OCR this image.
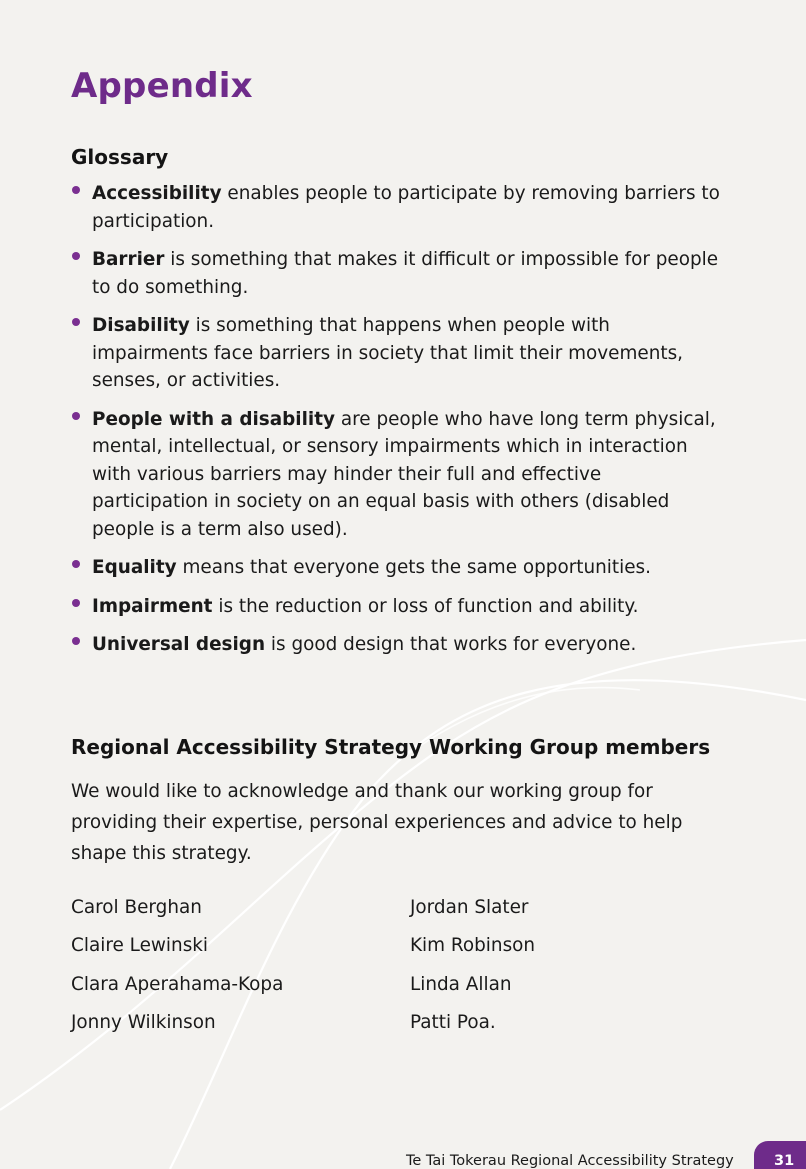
Appendix
Glossary
Accessibility enables people to participate by removing barriers to participation.
Barrier is something that makes it difficult or impossible for people to do something.
Disability is something that happens when people with impairments face barriers in society that limit their movements, senses, or activities.
People with a disability are people who have long term physical, mental, intellectual, or sensory impairments which in interaction with various barriers may hinder their full and effective participation in society on an equal basis with others (disabled people is a term also used).
Equality means that everyone gets the same opportunities.
Impairment is the reduction or loss of function and ability.
Universal design is good design that works for everyone.
Regional Accessibility Strategy Working Group members

We would like to acknowledge and thank our working group for providing their expertise, personal experiences and advice to help shape this strategy.

Carol Berghan
Claire Lewinski
Clara Aperahama-Kopa
Jonny Wilkinson
Jordan Slater
Kim Robinson
Linda Allan
Patti Poa.
Te Tai Tokerau Regional Accessibility Strategy	31
